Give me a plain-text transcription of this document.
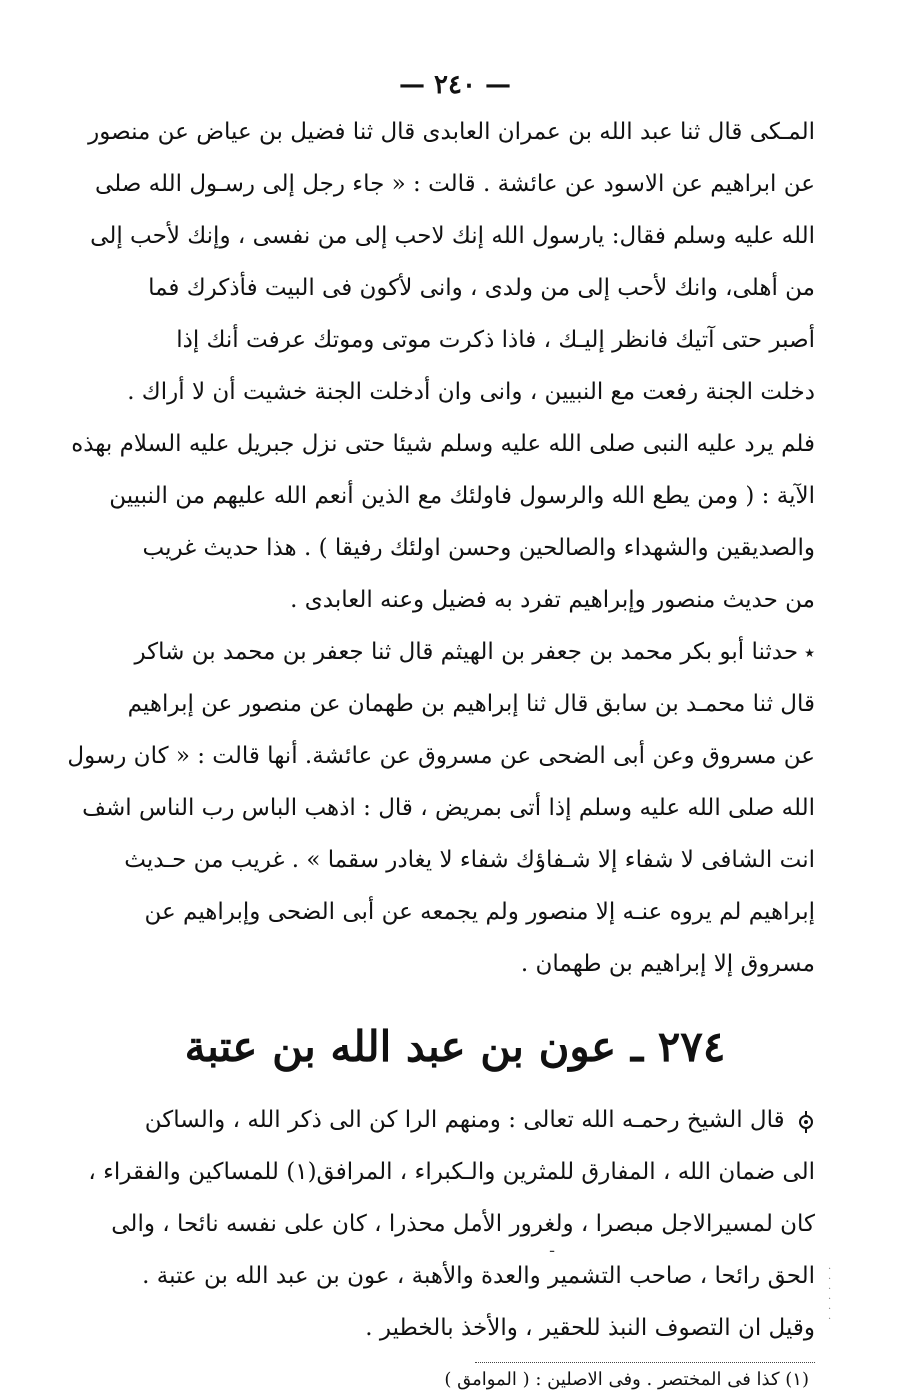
— ٢٤٠ —

المـكى قال ثنا عبد الله بن عمران العابدى قال ثنا فضيل بن عياض عن منصور

عن ابراهيم عن الاسود عن عائشة . قالت : « جاء رجل إلى رسـول الله صلى

الله عليه وسلم فقال: يارسول الله إنك لاحب إلى من نفسى ، وإنك لأحب إلى

من أهلى، وانك لأحب إلى من ولدى ، وانى لأكون فى البيت فأذكرك فما

أصبر حتى آتيك فانظر إليـك ، فاذا ذكرت موتى وموتك عرفت أنك إذا

دخلت الجنة رفعت مع النبيين ، وانى وان أدخلت الجنة خشيت أن لا أراك .

فلم يرد عليه النبى صلى الله عليه وسلم شيئا حتى نزل جبريل عليه السلام بهذه

الآية : ( ومن يطع الله والرسول فاولئك مع الذين أنعم الله عليهم من النبيين

والصديقين والشهداء والصالحين وحسن اولئك رفيقا ) . هذا حديث غريب

من حديث منصور وإبراهيم تفرد به فضيل وعنه العابدى .

٭حدثنا أبو بكر محمد بن جعفر بن الهيثم قال ثنا جعفر بن محمد بن شاكر

قال ثنا محمـد بن سابق قال ثنا إبراهيم بن طهمان عن منصور عن إبراهيم

عن مسروق وعن أبى الضحى عن مسروق عن عائشة. أنها قالت : « كان رسول

الله صلى الله عليه وسلم إذا أتى بمريض ، قال : اذهب الباس رب الناس اشف

انت الشافى لا شفاء إلا شـفاؤك شفاء لا يغادر سقما » . غريب من حـديث

إبراهيم لم يروه عنـه إلا منصور ولم يجمعه عن أبى الضحى وإبراهيم عن

مسروق إلا إبراهيم بن طهمان .

٢٧٤ ـ عون بن عبد الله بن عتبة

قال الشيخ رحمـه الله تعالى : ومنهم الرا كن الى ذكر الله ، والساكن

الى ضمان الله ، المفارق للمثرين والـكبراء ، المرافق(١) للمساكين والفقراء ،

كان لمسيرالاجل مبصرا ، ولغرور الأمل محذرا ، كان على نفسه نائحا ، والى

الحق رائحا ، صاحب التشمير والعدة والأهبة ، عون بن عبد الله بن عتبة .

وقيل ان التصوف النبذ للحقير ، والأخذ بالخطير .

(١) كذا فى المختصر . وفى الاصلين : ( الموامق )
ـ
·
·
·
·
·
·
